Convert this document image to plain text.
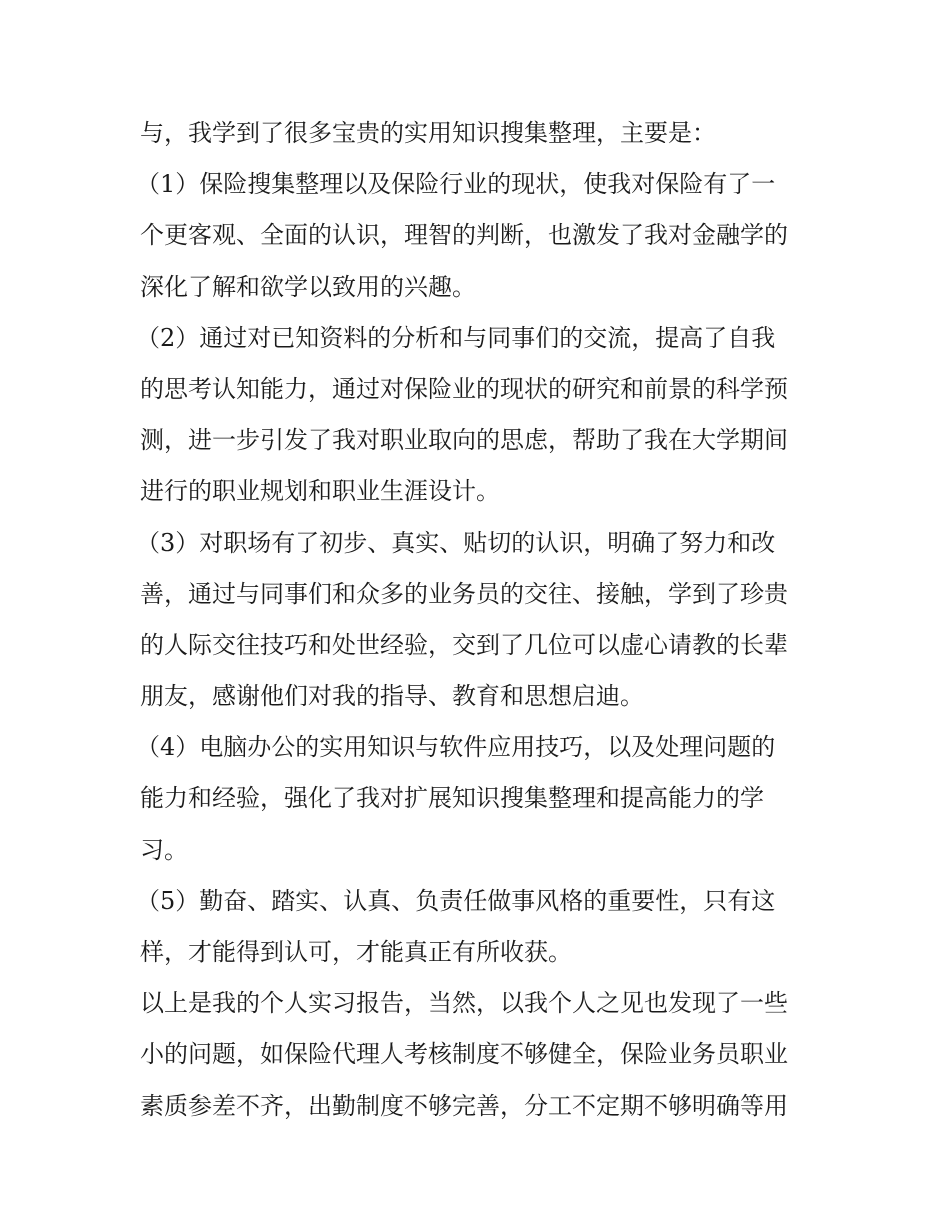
与，我学到了很多宝贵的实用知识搜集整理，主要是：
（1）保险搜集整理以及保险行业的现状，使我对保险有了一
个更客观、全面的认识，理智的判断，也激发了我对金融学的
深化了解和欲学以致用的兴趣。
（2）通过对已知资料的分析和与同事们的交流，提高了自我
的思考认知能力，通过对保险业的现状的研究和前景的科学预
测，进一步引发了我对职业取向的思虑，帮助了我在大学期间
进行的职业规划和职业生涯设计。
（3）对职场有了初步、真实、贴切的认识，明确了努力和改
善，通过与同事们和众多的业务员的交往、接触，学到了珍贵
的人际交往技巧和处世经验，交到了几位可以虚心请教的长辈
朋友，感谢他们对我的指导、教育和思想启迪。
（4）电脑办公的实用知识与软件应用技巧，以及处理问题的
能力和经验，强化了我对扩展知识搜集整理和提高能力的学
习。
（5）勤奋、踏实、认真、负责任做事风格的重要性，只有这
样，才能得到认可，才能真正有所收获。
以上是我的个人实习报告，当然，以我个人之见也发现了一些
小的问题，如保险代理人考核制度不够健全，保险业务员职业
素质参差不齐，出勤制度不够完善，分工不定期不够明确等用
